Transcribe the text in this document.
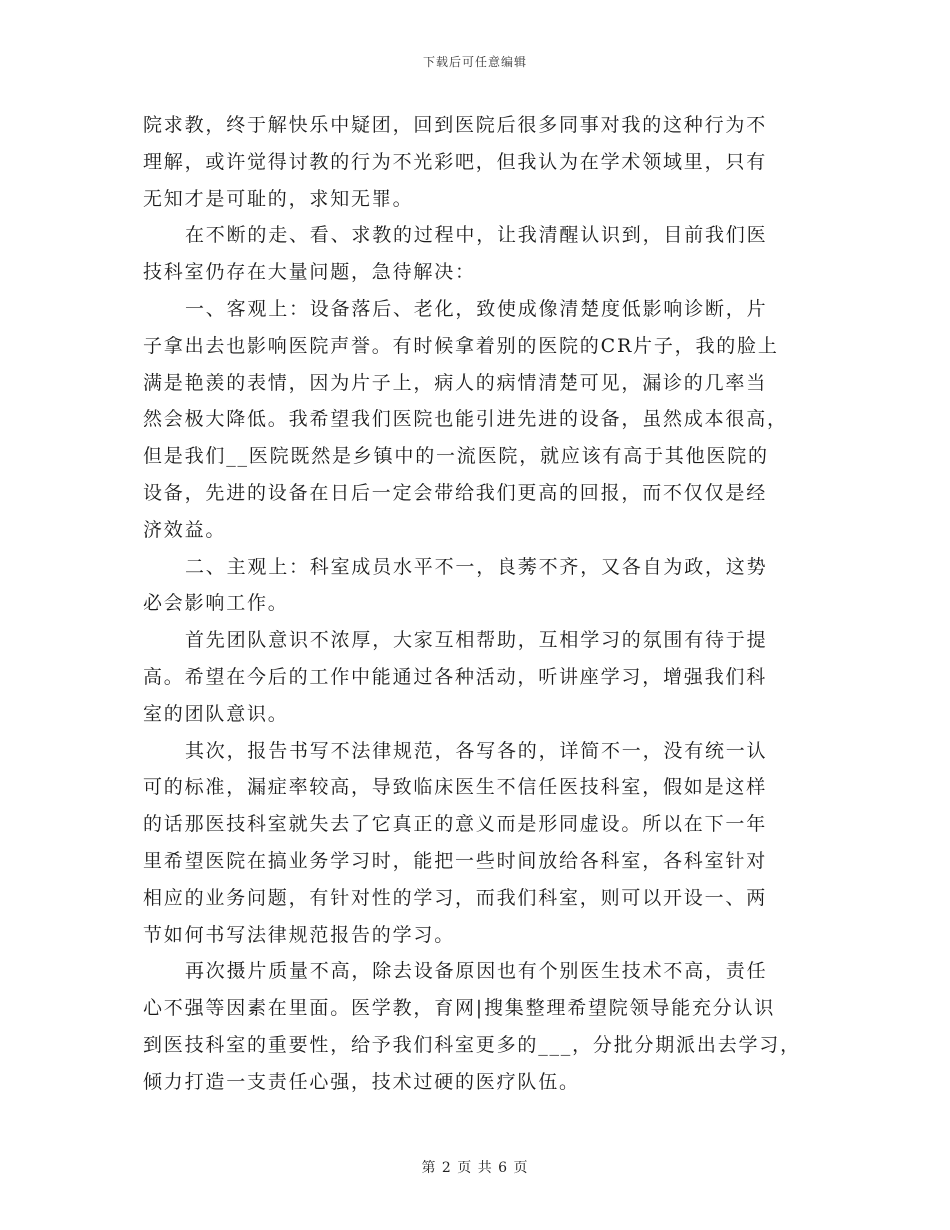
下载后可任意编辑
院求教，终于解快乐中疑团，回到医院后很多同事对我的这种行为不
理解，或许觉得讨教的行为不光彩吧，但我认为在学术领域里，只有
无知才是可耻的，求知无罪。
在不断的走、看、求教的过程中，让我清醒认识到，目前我们医
技科室仍存在大量问题，急待解决：
一、客观上：设备落后、老化，致使成像清楚度低影响诊断，片
子拿出去也影响医院声誉。有时候拿着别的医院的CR片子，我的脸上
满是艳羡的表情，因为片子上，病人的病情清楚可见，漏诊的几率当
然会极大降低。我希望我们医院也能引进先进的设备，虽然成本很高，
但是我们__医院既然是乡镇中的一流医院，就应该有高于其他医院的
设备，先进的设备在日后一定会带给我们更高的回报，而不仅仅是经
济效益。
二、主观上：科室成员水平不一，良莠不齐，又各自为政，这势
必会影响工作。
首先团队意识不浓厚，大家互相帮助，互相学习的氛围有待于提
高。希望在今后的工作中能通过各种活动，听讲座学习，增强我们科
室的团队意识。
其次，报告书写不法律规范，各写各的，详简不一，没有统一认
可的标准，漏症率较高，导致临床医生不信任医技科室，假如是这样
的话那医技科室就失去了它真正的意义而是形同虚设。所以在下一年
里希望医院在搞业务学习时，能把一些时间放给各科室，各科室针对
相应的业务问题，有针对性的学习，而我们科室，则可以开设一、两
节如何书写法律规范报告的学习。
再次摄片质量不高，除去设备原因也有个别医生技术不高，责任
心不强等因素在里面。医学教，育网|搜集整理希望院领导能充分认识
到医技科室的重要性，给予我们科室更多的___，分批分期派出去学习，
倾力打造一支责任心强，技术过硬的医疗队伍。
第 2 页 共 6 页
